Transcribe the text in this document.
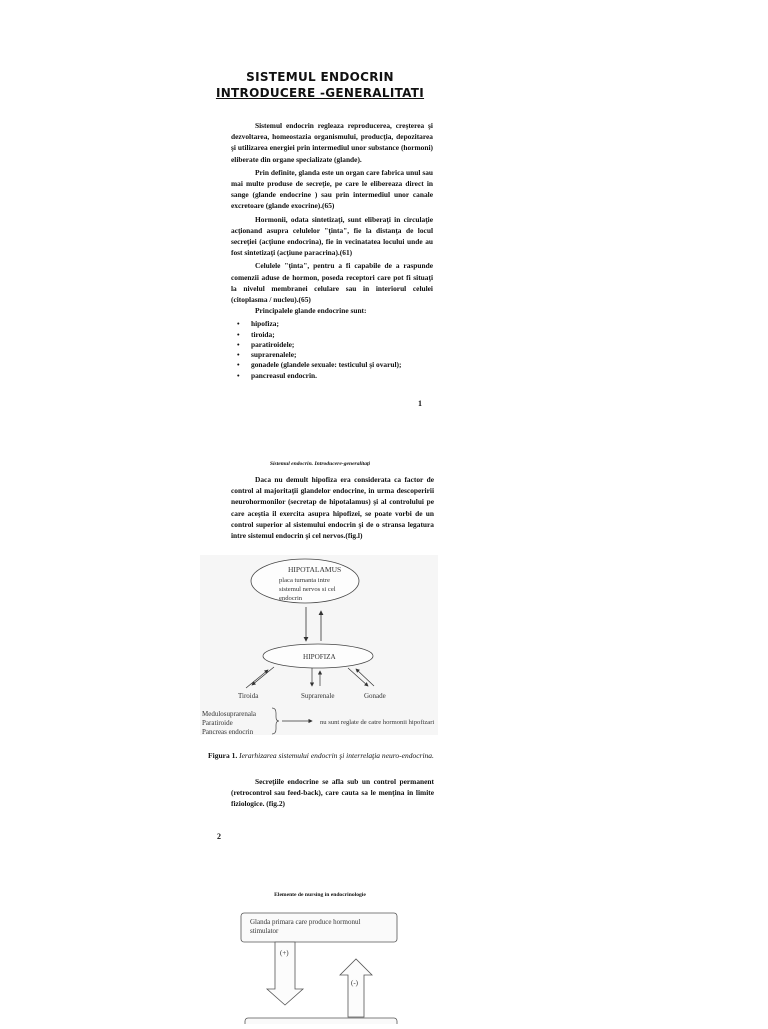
SISTEMUL ENDOCRIN
INTRODUCERE -GENERALITATI

Sistemul endocrin regleaza reproducerea, creşterea şi dezvoltarea, homeostazia organismului, producţia, depozitarea şi utilizarea energiei prin intermediul unor substance (hormoni) eliberate din organe specializate (glande).

Prin definite, glanda este un organ care fabrica unul sau mai multe produse de secreţie, pe care le elibereaza direct in sange (glande endocrine ) sau prin intermediul unor canale excretoare (glande exocrine).(65)

Hormonii, odata sintetizaţi, sunt eliberaţi in circulaţie acţionand asupra celulelor "ţinta", fie la distanţa de locul secreţiei (acţiune endocrina), fie in vecinatatea locului unde au fost sintetizaţi (acţiune paracrina).(61)

Celulele "ţinta", pentru a fi capabile de a raspunde comenzii aduse de hormon, poseda receptori care pot fi situaţi la nivelul membranei celulare sau in interiorul celulei (citoplasma / nucleu).(65)

Principalele glande endocrine sunt:

• hipofiza;
• tiroida;
• paratiroidele;
• suprarenalele;
• gonadele (glandele sexuale: testiculul şi ovarul);
• pancreasul endocrin.
1
Sistemul endocrin. Introducere-generalitaţi

Daca nu demult hipofiza era considerata ca factor de control al majoritaţii glandelor endocrine, in urma descoperirii neurohormonilor (secretap de hipotalamus) şi al controlului pe care aceştia il exercita asupra hipofizei, se poate vorbi de un control superior al sistemului endocrin şi de o stransa legatura intre sistemul endocrin şi cel nervos.(fig.l)

HIPOTALAMUS
placa turnanta intre
sistemul nervos si cel
endocrin
HIPOFIZA
Tiroida	Suprarenale	Gonade
Medulosuprarenala
Paratiroide
Pancreas endocrin
nu sunt reglate de catre hormonii hipofizari
Figura 1. Ierarhizarea sistemului endocrin şi interrelaţia neuro-endocrina.

Secreţiile endocrine se afla sub un control permanent (retrocontrol sau feed-back), care cauta sa le menţina in limite fiziologice. (fig.2)

2
Elemente de nursing in endocrinologie
Glanda primara care produce hormonul
stimulator
(+)
(-)
